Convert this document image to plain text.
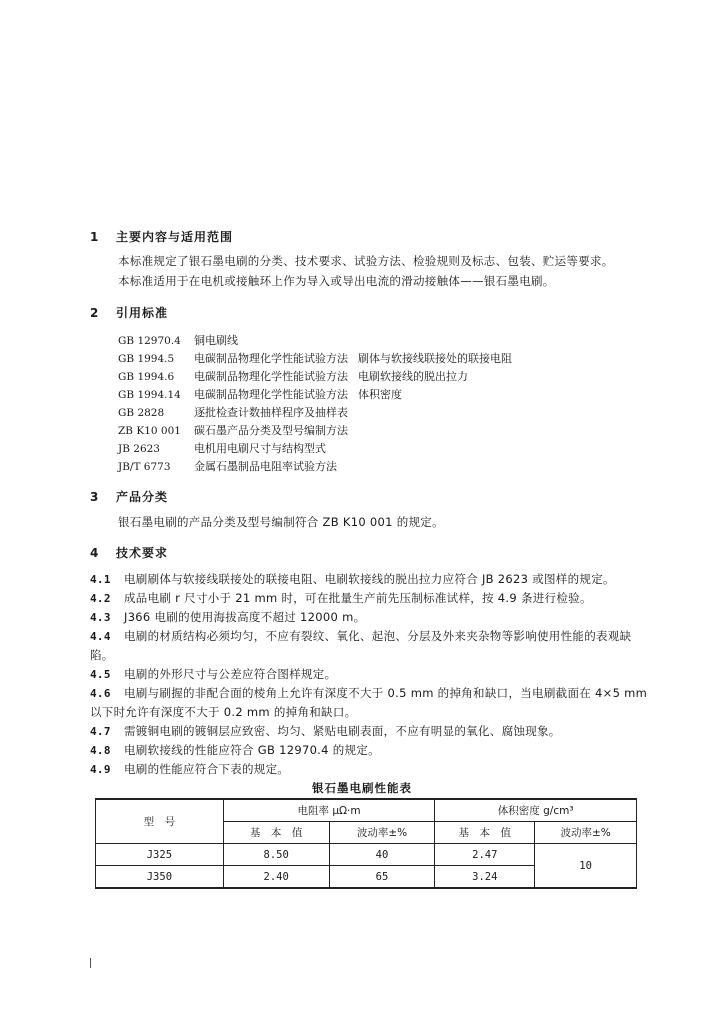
1 主要内容与适用范围
本标准规定了银石墨电刷的分类、技术要求、试验方法、检验规则及标志、包装、贮运等要求。
本标准适用于在电机或接触环上作为导入或导出电流的滑动接触体——银石墨电刷。
2 引用标准
GB 12970.4 铜电刷线
GB 1994.5 电碳制品物理化学性能试验方法 刷体与软接线联接处的联接电阻
GB 1994.6 电碳制品物理化学性能试验方法 电刷软接线的脱出拉力
GB 1994.14 电碳制品物理化学性能试验方法 体积密度
GB 2828	逐批检查计数抽样程序及抽样表
ZB K10 001 碳石墨产品分类及型号编制方法
JB 2623	电机用电刷尺寸与结构型式
JB/T 6773 金属石墨制品电阻率试验方法
3 产品分类
银石墨电刷的产品分类及型号编制符合 ZB K10 001 的规定。
4 技术要求
4.1 电刷刷体与软接线联接处的联接电阻、电刷软接线的脱出拉力应符合 JB 2623 或图样的规定。
4.2 成品电刷 r 尺寸小于 21 mm 时，可在批量生产前先压制标准试样，按 4.9 条进行检验。
4.3 J366 电刷的使用海拔高度不超过 12000 m。
4.4 电刷的材质结构必须均匀，不应有裂纹、氧化、起泡、分层及外来夹杂物等影响使用性能的表观缺陷。
4.5 电刷的外形尺寸与公差应符合图样规定。
4.6 电刷与刷握的非配合面的棱角上允许有深度不大于 0.5 mm 的掉角和缺口，当电刷截面在 4×5 mm 以下时允许有深度不大于 0.2 mm 的掉角和缺口。
4.7 需镀铜电刷的镀铜层应致密、均匀、紧贴电刷表面，不应有明显的氧化、腐蚀现象。
4.8 电刷软接线的性能应符合 GB 12970.4 的规定。
4.9 电刷的性能应符合下表的规定。
银石墨电刷性能表
型　号	电阻率 μΩ·m		体积密度 g/cm³	
	基　本　值	波动率±%	基　本　值	波动率±%
J325	8.50	40	2.47	10
J350	2.40	65	3.24	
